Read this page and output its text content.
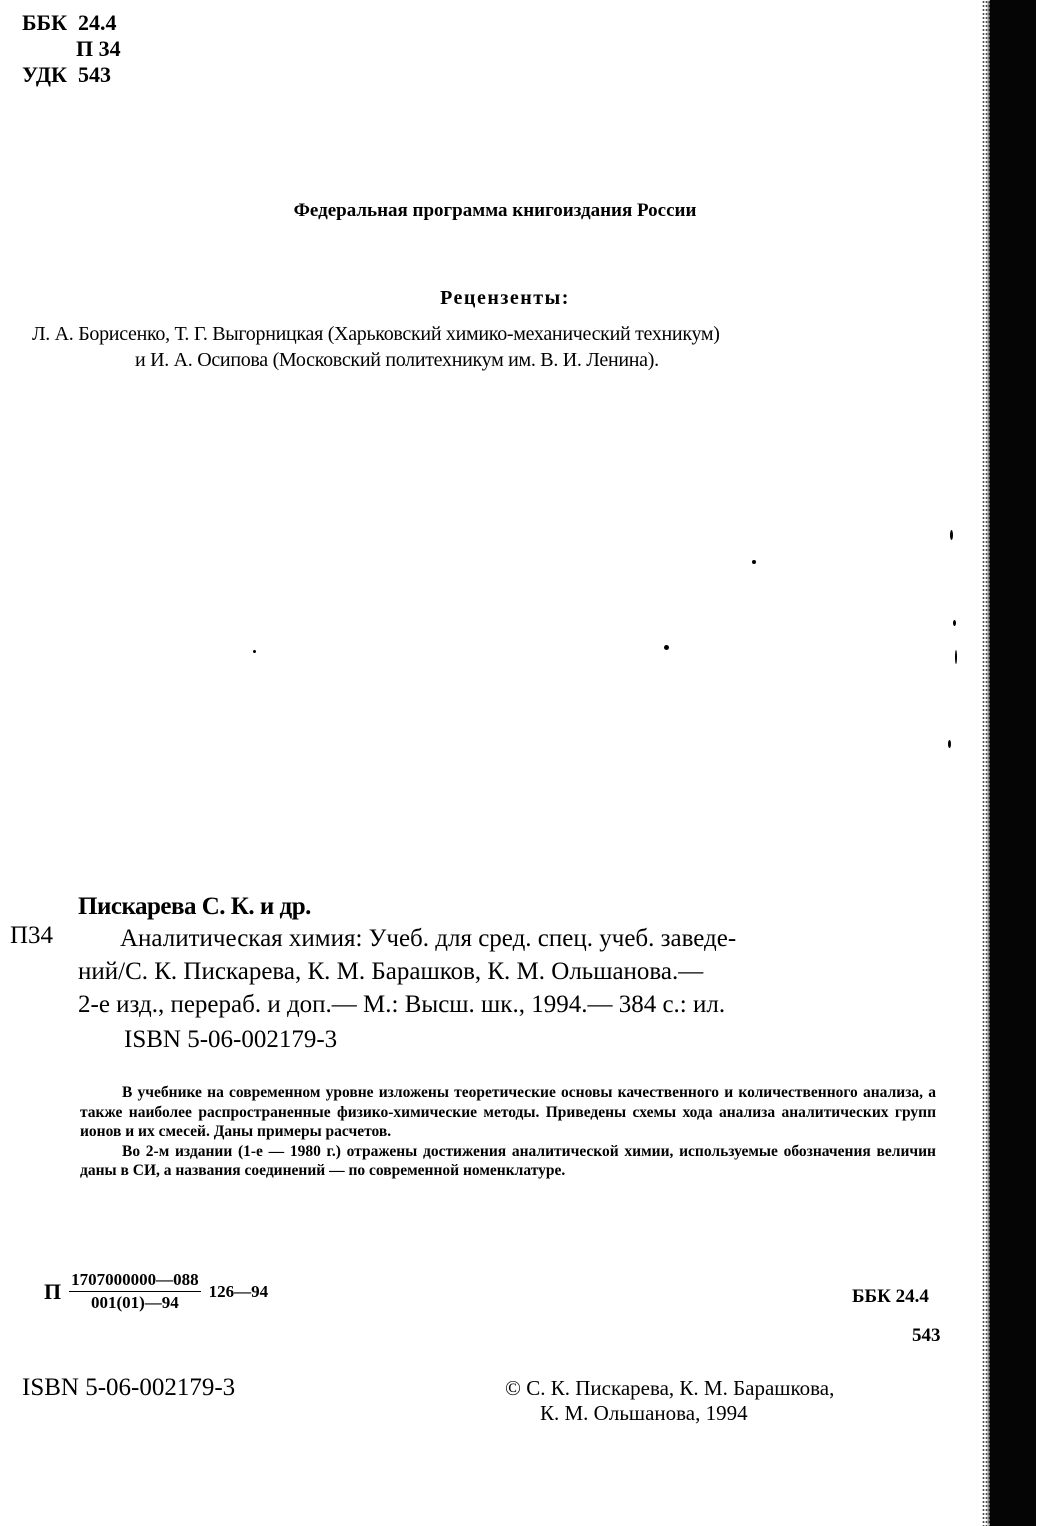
ББК 24.4
П 34
УДК 543
Федеральная программа книгоиздания России
Рецензенты:
Л. А. Борисенко, Т. Г. Выгорницкая (Харьковский химико-механический техникум)
и И. А. Осипова (Московский политехникум им. В. И. Ленина).
Пискарева С. К. и др.
П34	Аналитическая химия: Учеб. для сред. спец. учеб. заведе-
ний/С. К. Пискарева, К. М. Барашков, К. М. Ольшанова.—
2-е изд., перераб. и доп.— М.: Высш. шк., 1994.— 384 с.: ил.
ISBN 5-06-002179-3

В учебнике на современном уровне изложены теоретические основы качественного и количественного анализа, а также наиболее распространенные физико-химические методы. Приведены схемы хода анализа аналитических групп ионов и их смесей. Даны примеры расчетов.

Во 2-м издании (1-е — 1980 г.) отражены достижения аналитической химии, используемые обозначения величин даны в СИ, а названия соединений — по современной номенклатуре.

П $\frac{1707000000—088}{001(01)—94}$ 126—94	ББК 24.4
543
ISBN 5-06-002179-3	© С. К. Пискарева, К. М. Барашкова,
К. М. Ольшанова, 1994
